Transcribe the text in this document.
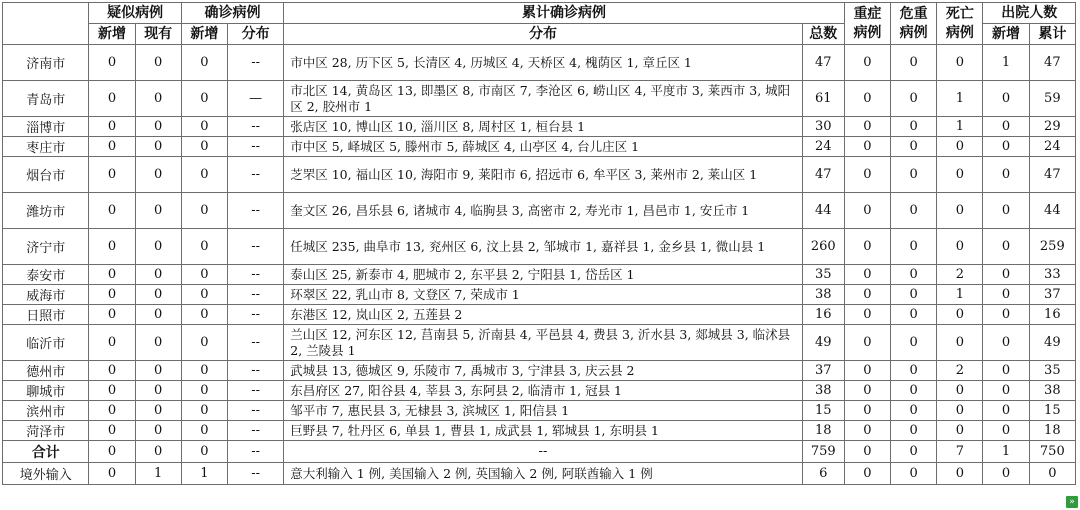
	疑似病例		确诊病例		累计确诊病例		重症病例	危重病例	死亡病例	出院人数	
	新增	现有	新增	分布	分布	总数				新增	累计
济南市	0	0	0	--	市中区 28, 历下区 5, 长清区 4, 历城区 4, 天桥区 4, 槐荫区 1, 章丘区 1	47	0	0	0	1	47
青岛市	0	0	0	—	市北区 14, 黄岛区 13, 即墨区 8, 市南区 7, 李沧区 6, 崂山区 4, 平度市 3, 莱西市 3, 城阳区 2, 胶州市 1	61	0	0	1	0	59
淄博市	0	0	0	--	张店区 10, 博山区 10, 淄川区 8, 周村区 1, 桓台县 1	30	0	0	1	0	29
枣庄市	0	0	0	--	市中区 5, 峄城区 5, 滕州市 5, 薛城区 4, 山亭区 4, 台儿庄区 1	24	0	0	0	0	24
烟台市	0	0	0	--	芝罘区 10, 福山区 10, 海阳市 9, 莱阳市 6, 招远市 6, 牟平区 3, 莱州市 2, 莱山区 1	47	0	0	0	0	47
潍坊市	0	0	0	--	奎文区 26, 昌乐县 6, 诸城市 4, 临朐县 3, 高密市 2, 寿光市 1, 昌邑市 1, 安丘市 1	44	0	0	0	0	44
济宁市	0	0	0	--	任城区 235, 曲阜市 13, 兖州区 6, 汶上县 2, 邹城市 1, 嘉祥县 1, 金乡县 1, 微山县 1	260	0	0	0	0	259
泰安市	0	0	0	--	泰山区 25, 新泰市 4, 肥城市 2, 东平县 2, 宁阳县 1, 岱岳区 1	35	0	0	2	0	33
威海市	0	0	0	--	环翠区 22, 乳山市 8, 文登区 7, 荣成市 1	38	0	0	1	0	37
日照市	0	0	0	--	东港区 12, 岚山区 2, 五莲县 2	16	0	0	0	0	16
临沂市	0	0	0	--	兰山区 12, 河东区 12, 莒南县 5, 沂南县 4, 平邑县 4, 费县 3, 沂水县 3, 郯城县 3, 临沭县 2, 兰陵县 1	49	0	0	0	0	49
德州市	0	0	0	--	武城县 13, 德城区 9, 乐陵市 7, 禹城市 3, 宁津县 3, 庆云县 2	37	0	0	2	0	35
聊城市	0	0	0	--	东昌府区 27, 阳谷县 4, 莘县 3, 东阿县 2, 临清市 1, 冠县 1	38	0	0	0	0	38
滨州市	0	0	0	--	邹平市 7, 惠民县 3, 无棣县 3, 滨城区 1, 阳信县 1	15	0	0	0	0	15
菏泽市	0	0	0	--	巨野县 7, 牡丹区 6, 单县 1, 曹县 1, 成武县 1, 郓城县 1, 东明县 1	18	0	0	0	0	18
合计	0	0	0	--	--	759	0	0	7	1	750
境外输入	0	1	1	--	意大利输入 1 例, 美国输入 2 例, 英国输入 2 例, 阿联酋输入 1 例	6	0	0	0	0	0
»
